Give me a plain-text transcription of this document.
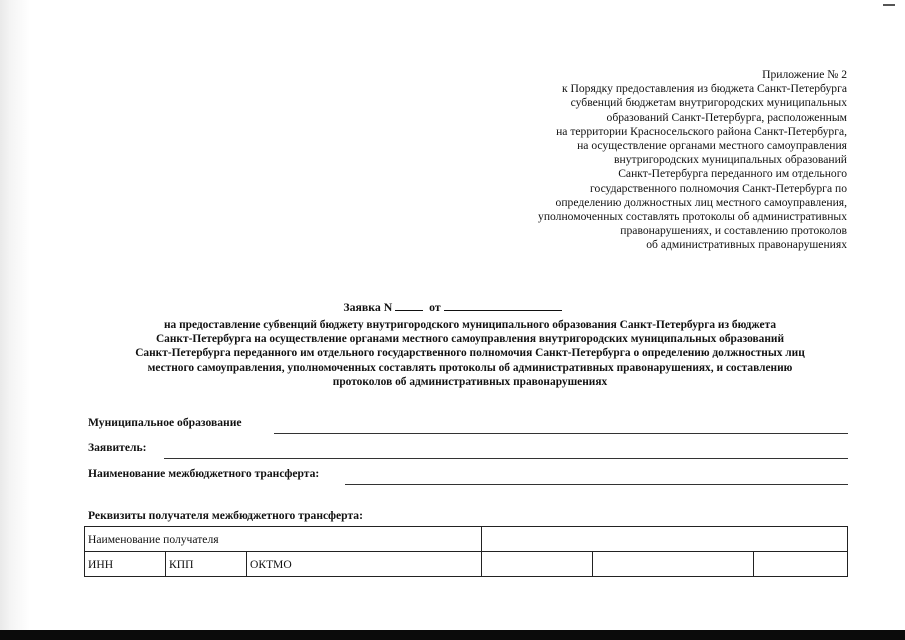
Приложение № 2
к Порядку предоставления из бюджета Санкт-Петербурга
субвенций бюджетам внутригородских муниципальных
образований Санкт-Петербурга, расположенным
на территории Красносельского района Санкт-Петербурга,
на осуществление органами местного самоуправления
внутригородских муниципальных образований
Санкт-Петербурга переданного им отдельного
государственного полномочия Санкт-Петербурга по
определению должностных лиц местного самоуправления,
уполномоченных составлять протоколы об административных
правонарушениях, и составлению протоколов
об административных правонарушениях
Заявка N	от
на предоставление субвенций бюджету внутригородского муниципального образования Санкт-Петербурга из бюджета
Санкт-Петербурга на осуществление органами местного самоуправления внутригородских муниципальных образований
Санкт-Петербурга переданного им отдельного государственного полномочия Санкт-Петербурга о определению должностных лиц
местного самоуправления, уполномоченных составлять протоколы об административных правонарушениях, и составлению
протоколов об административных правонарушениях
Муниципальное образование
Заявитель:
Наименование межбюджетного трансферта:
Реквизиты получателя межбюджетного трансферта:
Наименование получателя					
ИНН	КПП	ОКТМО			
